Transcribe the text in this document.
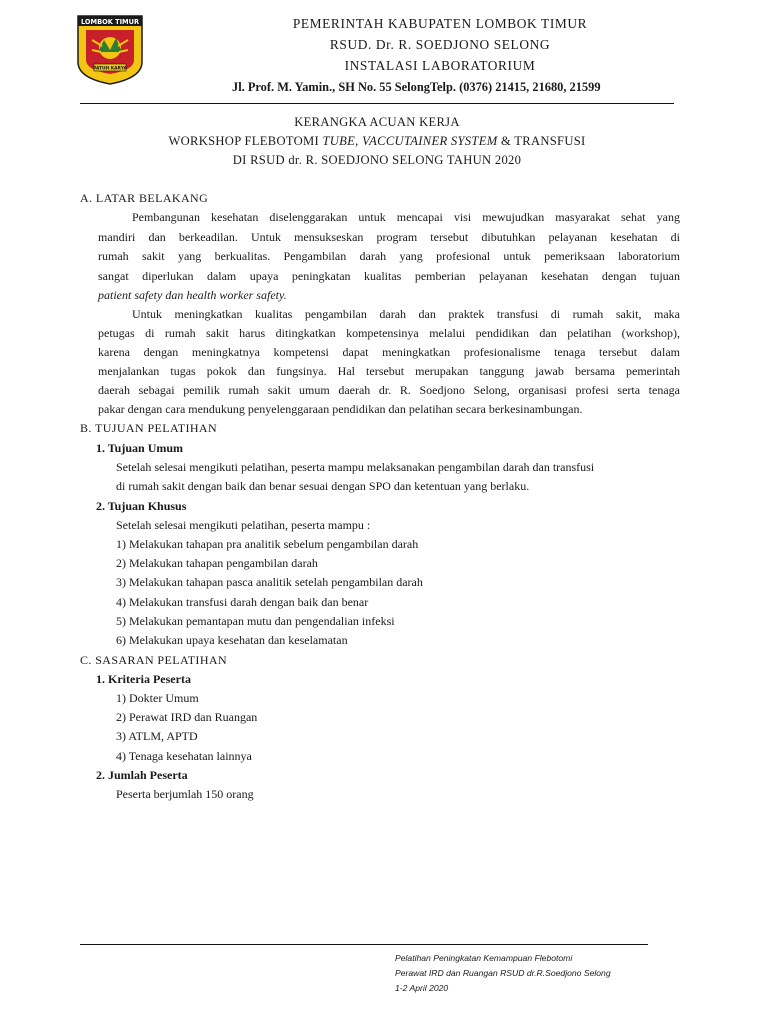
LOMBOK TIMUR
PATUH KARYA
PEMERINTAH KABUPATEN LOMBOK TIMUR
RSUD. Dr. R. SOEDJONO SELONG
INSTALASI LABORATORIUM
Jl. Prof. M. Yamin., SH No. 55 SelongTelp. (0376) 21415, 21680, 21599
KERANGKA ACUAN KERJA
WORKSHOP FLEBOTOMI TUBE, VACCUTAINER SYSTEM & TRANSFUSI
DI RSUD dr. R. SOEDJONO SELONG TAHUN 2020
A. LATAR BELAKANG
Pembangunan kesehatan diselenggarakan untuk mencapai visi mewujudkan masyarakat sehat yang
mandiri dan berkeadilan. Untuk mensukseskan program tersebut dibutuhkan pelayanan kesehatan di
rumah sakit yang berkualitas. Pengambilan darah yang profesional untuk pemeriksaan laboratorium
sangat diperlukan dalam upaya peningkatan kualitas pemberian pelayanan kesehatan dengan tujuan
patient safety dan health worker safety.
Untuk meningkatkan kualitas pengambilan darah dan praktek transfusi di rumah sakit, maka
petugas di rumah sakit harus ditingkatkan kompetensinya melalui pendidikan dan pelatihan (workshop),
karena dengan meningkatnya kompetensi dapat meningkatkan profesionalisme tenaga tersebut dalam
menjalankan tugas pokok dan fungsinya. Hal tersebut merupakan tanggung jawab bersama pemerintah
daerah sebagai pemilik rumah sakit umum daerah dr. R. Soedjono Selong, organisasi profesi serta tenaga
pakar dengan cara mendukung penyelenggaraan pendidikan dan pelatihan secara berkesinambungan.
B. TUJUAN PELATIHAN
1. Tujuan Umum
Setelah selesai mengikuti pelatihan, peserta mampu melaksanakan pengambilan darah dan transfusi
di rumah sakit dengan baik dan benar sesuai dengan SPO dan ketentuan yang berlaku.
2. Tujuan Khusus
Setelah selesai mengikuti pelatihan, peserta mampu :
1) Melakukan tahapan pra analitik sebelum pengambilan darah
2) Melakukan tahapan pengambilan darah
3) Melakukan tahapan pasca analitik setelah pengambilan darah
4) Melakukan transfusi darah dengan baik dan benar
5) Melakukan pemantapan mutu dan pengendalian infeksi
6) Melakukan upaya kesehatan dan keselamatan
C. SASARAN PELATIHAN
1. Kriteria Peserta
1) Dokter Umum
2) Perawat IRD dan Ruangan
3) ATLM, APTD
4) Tenaga kesehatan lainnya
2. Jumlah Peserta
Peserta berjumlah 150 orang
Pelatihan Peningkatan Kemampuan Flebotomi
Perawat IRD dan Ruangan RSUD dr.R.Soedjono Selong
1-2 April 2020
